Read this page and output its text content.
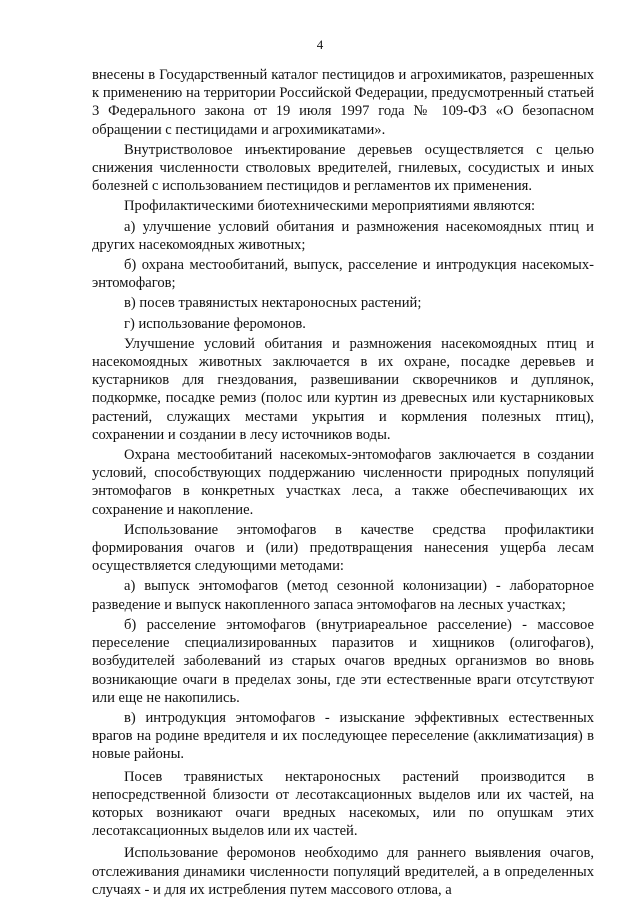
4

внесены в Государственный каталог пестицидов и агрохимикатов, разрешенных к применению на территории Российской Федерации, предусмотренный статьей 3 Федерального закона от 19 июля 1997 года № 109-ФЗ «О безопасном обращении с пестицидами и агрохимикатами».

Внутристволовое инъектирование деревьев осуществляется с целью снижения численности стволовых вредителей, гнилевых, сосудистых и иных болезней с использованием пестицидов и регламентов их применения.

Профилактическими биотехническими мероприятиями являются:

а) улучшение условий обитания и размножения насекомоядных птиц и других насекомоядных животных;

б) охрана местообитаний, выпуск, расселение и интродукция насекомых-энтомофагов;

в) посев травянистых нектароносных растений;

г) использование феромонов.

Улучшение условий обитания и размножения насекомоядных птиц и насекомоядных животных заключается в их охране, посадке деревьев и кустарников для гнездования, развешивании скворечников и дуплянок, подкормке, посадке ремиз (полос или куртин из древесных или кустарниковых растений, служащих местами укрытия и кормления полезных птиц), сохранении и создании в лесу источников воды.

Охрана местообитаний насекомых-энтомофагов заключается в создании условий, способствующих поддержанию численности природных популяций энтомофагов в конкретных участках леса, а также обеспечивающих их сохранение и накопление.

Использование энтомофагов в качестве средства профилактики формирования очагов и (или) предотвращения нанесения ущерба лесам осуществляется следующими методами:

а) выпуск энтомофагов (метод сезонной колонизации) - лабораторное разведение и выпуск накопленного запаса энтомофагов на лесных участках;

б) расселение энтомофагов (внутриареальное расселение) - массовое переселение специализированных паразитов и хищников (олигофагов), возбудителей заболеваний из старых очагов вредных организмов во вновь возникающие очаги в пределах зоны, где эти естественные враги отсутствуют или еще не накопились.

в) интродукция энтомофагов - изыскание эффективных естественных врагов на родине вредителя и их последующее переселение (акклиматизация) в новые районы.

Посев травянистых нектароносных растений производится в непосредственной близости от лесотаксационных выделов или их частей, на которых возникают очаги вредных насекомых, или по опушкам этих лесотаксационных выделов или их частей.

Использование феромонов необходимо для раннего выявления очагов, отслеживания динамики численности популяций вредителей, а в определенных случаях - и для их истребления путем массового отлова, а
